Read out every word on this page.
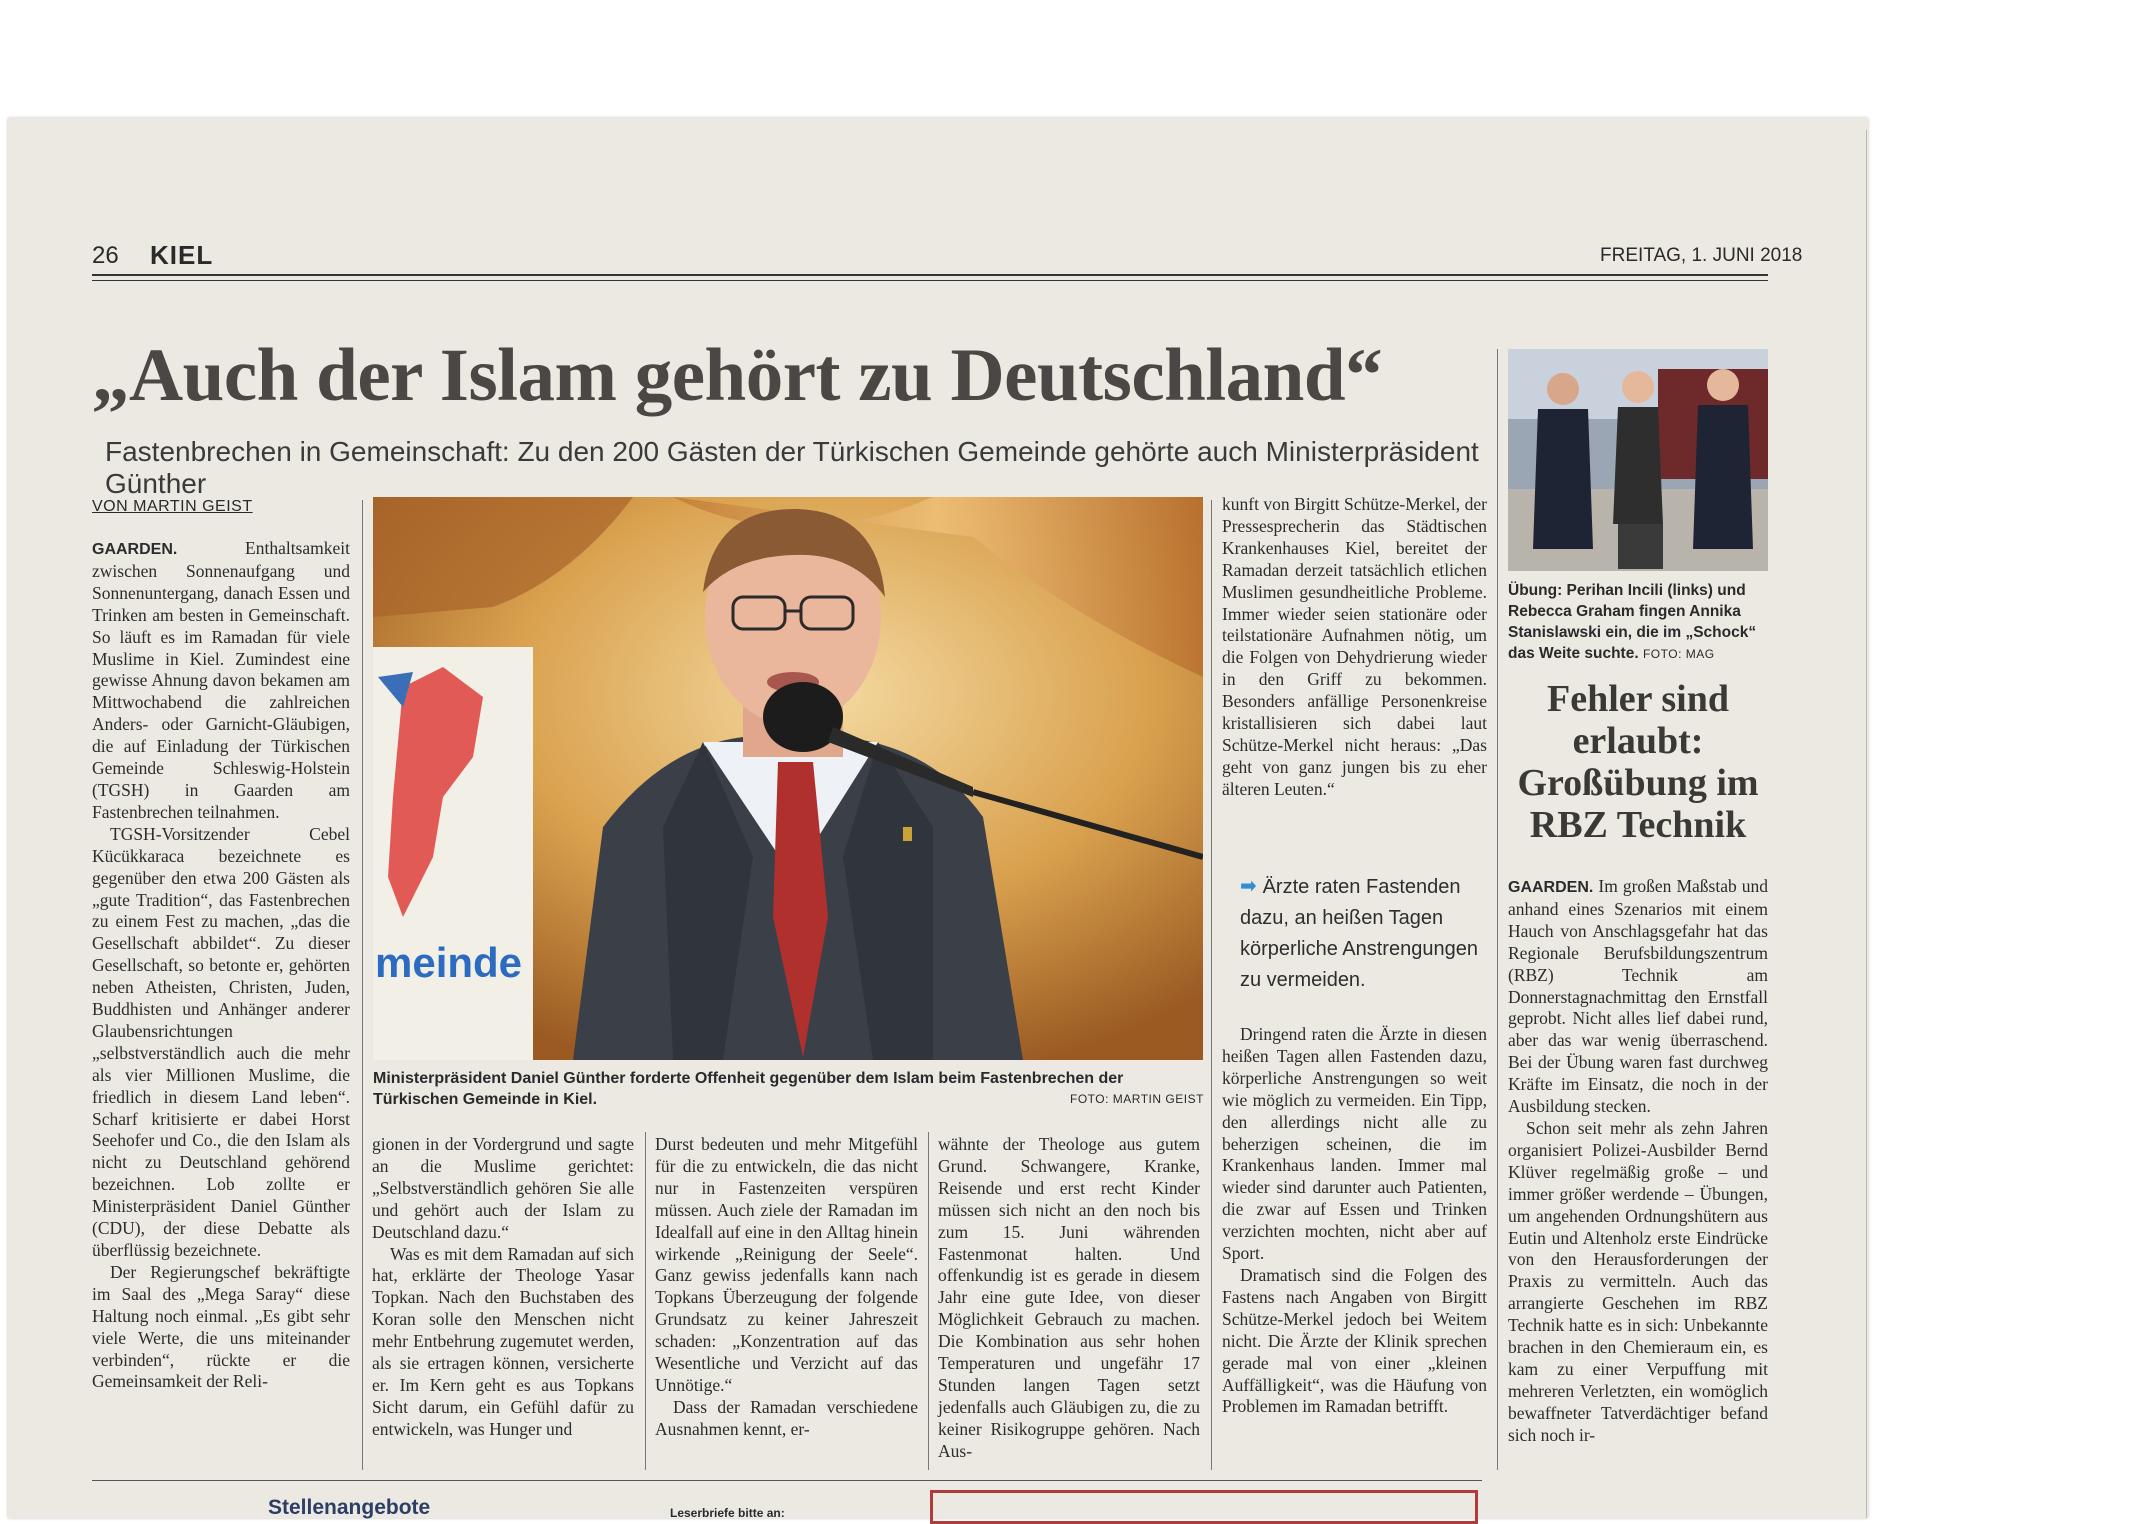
26 KIEL	FREITAG, 1. JUNI 2018
„Auch der Islam gehört zu Deutschland“
Fastenbrechen in Gemeinschaft: Zu den 200 Gästen der Türkischen Gemeinde gehörte auch Ministerpräsident Günther
VON MARTIN GEIST

GAARDEN.	Enthaltsamkeit zwischen Sonnenaufgang und Sonnenuntergang, danach Essen und Trinken am besten in Gemeinschaft. So läuft es im Ramadan für viele Muslime in Kiel. Zumindest eine gewisse Ahnung davon bekamen am Mittwochabend die zahlreichen Anders- oder Garnicht-Gläubigen, die auf Einladung der Türkischen Gemeinde Schleswig-Holstein (TGSH) in Gaarden am Fastenbrechen teilnahmen.

TGSH-Vorsitzender Cebel Kücükkaraca bezeichnete es gegenüber den etwa 200 Gästen als „gute Tradition“, das Fastenbrechen zu einem Fest zu machen, „das die Gesellschaft abbildet“. Zu dieser Gesellschaft, so betonte er, gehörten neben Atheisten, Christen, Juden, Buddhisten und Anhänger anderer Glaubensrichtungen „selbstverständlich auch die mehr als vier Millionen Muslime, die friedlich in diesem Land leben“. Scharf kritisierte er dabei Horst Seehofer und Co., die den Islam als nicht zu Deutschland gehörend bezeichnen. Lob zollte er Ministerpräsident Daniel Günther (CDU), der diese Debatte als überflüssig bezeichnete.

Der Regierungschef bekräftigte im Saal des „Mega Saray“ diese Haltung noch einmal. „Es gibt sehr viele Werte, die uns miteinander verbinden“, rückte er die Gemeinsamkeit der Reli-

meinde
Ministerpräsident Daniel Günther forderte Offenheit gegenüber dem Islam beim Fastenbrechen der Türkischen Gemeinde in Kiel.	FOTO: MARTIN GEIST

gionen in der Vordergrund und sagte an die Muslime gerichtet: „Selbstverständlich gehören Sie alle und gehört auch der Islam zu Deutschland dazu.“

Was es mit dem Ramadan auf sich hat, erklärte der Theologe Yasar Topkan. Nach den Buchstaben des Koran solle den Menschen nicht mehr Entbehrung zugemutet werden, als sie ertragen können, versicherte er. Im Kern geht es aus Topkans Sicht darum, ein Gefühl dafür zu entwickeln, was Hunger und

Durst bedeuten und mehr Mitgefühl für die zu entwickeln, die das nicht nur in Fastenzeiten verspüren müssen. Auch ziele der Ramadan im Idealfall auf eine in den Alltag hinein wirkende „Reinigung der Seele“. Ganz gewiss jedenfalls kann nach Topkans Überzeugung der folgende Grundsatz zu keiner Jahreszeit schaden: „Konzentration auf das Wesentliche und Verzicht auf das Unnötige.“

Dass der Ramadan verschiedene Ausnahmen kennt, er-

wähnte der Theologe aus gutem Grund. Schwangere, Kranke, Reisende und erst recht Kinder müssen sich nicht an den noch bis zum 15. Juni währenden Fastenmonat halten. Und offenkundig ist es gerade in diesem Jahr eine gute Idee, von dieser Möglichkeit Gebrauch zu machen. Die Kombination aus sehr hohen Temperaturen und ungefähr 17 Stunden langen Tagen setzt jedenfalls auch Gläubigen zu, die zu keiner Risikogruppe gehören. Nach Aus-

kunft von Birgitt Schütze-Merkel, der Pressesprecherin das Städtischen Krankenhauses Kiel, bereitet der Ramadan derzeit tatsächlich etlichen Muslimen gesundheitliche Probleme. Immer wieder seien stationäre oder teilstationäre Aufnahmen nötig, um die Folgen von Dehydrierung wieder in den Griff zu bekommen. Besonders anfällige Personenkreise kristallisieren sich dabei laut Schütze-Merkel nicht heraus: „Das geht von ganz jungen bis zu eher älteren Leuten.“

➡ Ärzte raten Fastenden dazu, an heißen Tagen körperliche Anstrengungen zu vermeiden.

Dringend raten die Ärzte in diesen heißen Tagen allen Fastenden dazu, körperliche Anstrengungen so weit wie möglich zu vermeiden. Ein Tipp, den allerdings nicht alle zu beherzigen scheinen, die im Krankenhaus landen. Immer mal wieder sind darunter auch Patienten, die zwar auf Essen und Trinken verzichten mochten, nicht aber auf Sport.

Dramatisch sind die Folgen des Fastens nach Angaben von Birgitt Schütze-Merkel jedoch bei Weitem nicht. Die Ärzte der Klinik sprechen gerade mal von einer „kleinen Auffälligkeit“, was die Häufung von Problemen im Ramadan betrifft.

Übung: Perihan Incili (links) und Rebecca Graham fingen Annika Stanislawski ein, die im „Schock“ das Weite suchte. FOTO: MAG
Fehler sind erlaubt: Großübung im RBZ Technik

GAARDEN. Im großen Maßstab und anhand eines Szenarios mit einem Hauch von Anschlagsgefahr hat das Regionale Berufsbildungszentrum (RBZ) Technik am Donnerstagnachmittag den Ernstfall geprobt. Nicht alles lief dabei rund, aber das war wenig überraschend. Bei der Übung waren fast durchweg Kräfte im Einsatz, die noch in der Ausbildung stecken.

Schon seit mehr als zehn Jahren organisiert Polizei-Ausbilder Bernd Klüver regelmäßig große – und immer größer werdende – Übungen, um angehenden Ordnungshütern aus Eutin und Altenholz erste Eindrücke von den Herausforderungen der Praxis zu vermitteln. Auch das arrangierte Geschehen im RBZ Technik hatte es in sich: Unbekannte brachen in den Chemieraum ein, es kam zu einer Verpuffung mit mehreren Verletzten, ein womöglich bewaffneter Tatverdächtiger befand sich noch ir-

Stellenangebote	Leserbriefe bitte an:
